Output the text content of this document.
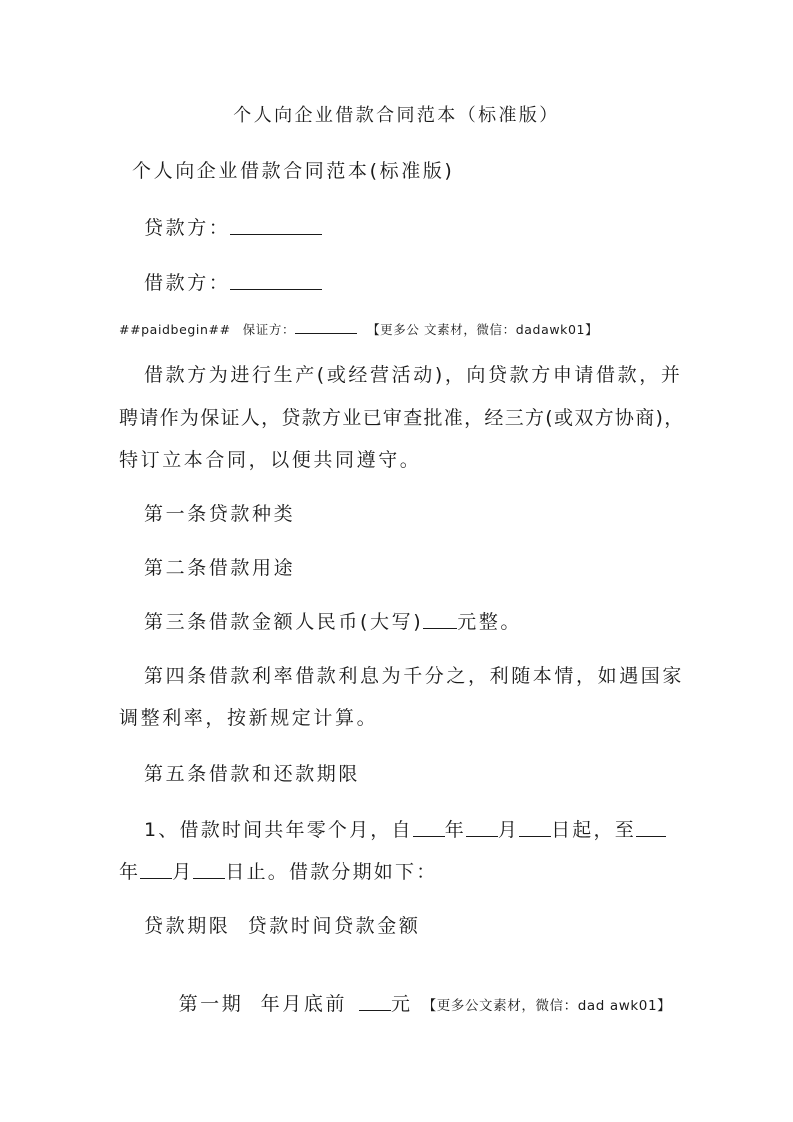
个人向企业借款合同范本（标准版）
个人向企业借款合同范本(标准版)
贷款方：
借款方：
##paidbegin## 保证方：	【更多公 文素材，微信：dadawk01】
借款方为进行生产(或经营活动)，向贷款方申请借款，并
聘请作为保证人，贷款方业已审查批准，经三方(或双方协商)，
特订立本合同，以便共同遵守。
第一条贷款种类
第二条借款用途
第三条借款金额人民币(大写) 元整。
第四条借款利率借款利息为千分之，利随本情，如遇国家
调整利率，按新规定计算。
第五条借款和还款期限
1、借款时间共年零个月，自 年 月 日起，至
年 月 日止。借款分期如下：
贷款期限  贷款时间贷款金额

第一期  年月底前 元 【更多公文素材，微信：dad awk01】
